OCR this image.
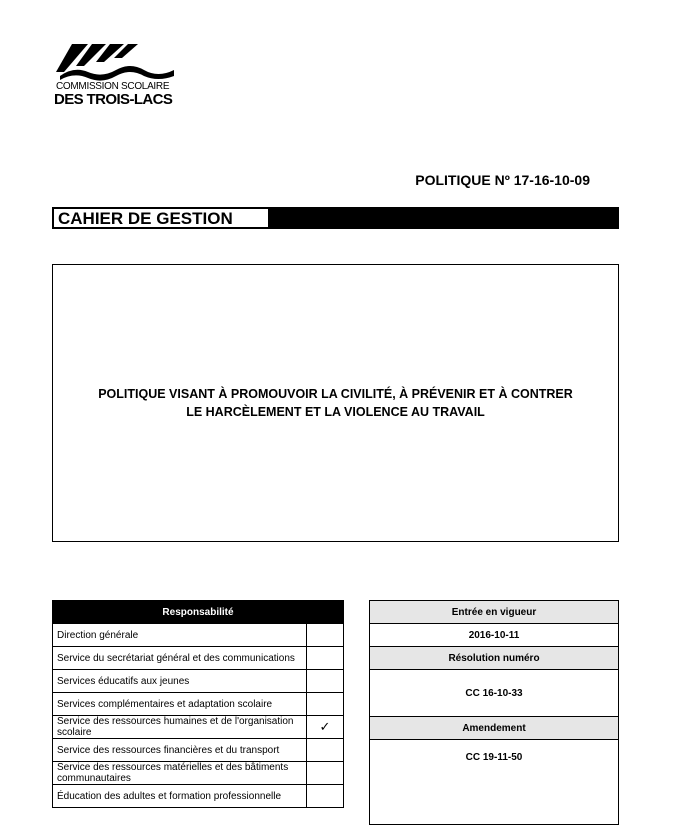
COMMISSION SCOLAIRE
DES TROIS-LACS
POLITIQUE Nº 17-16-10-09
CAHIER DE GESTION
POLITIQUE VISANT À PROMOUVOIR LA CIVILITÉ, À PRÉVENIR ET À CONTRER
LE HARCÈLEMENT ET LA VIOLENCE AU TRAVAIL
Responsabilité	
Direction générale	
Service du secrétariat général et des communications	
Services éducatifs aux jeunes	
Services complémentaires et adaptation scolaire	
Service des ressources humaines et de l'organisation scolaire	✓
Service des ressources financières et du transport	
Service des ressources matérielles et des bâtiments communautaires	
Éducation des adultes et formation professionnelle	
Entrée en vigueur
2016-10-11
Résolution numéro
CC 16-10-33
Amendement
CC 19-11-50
